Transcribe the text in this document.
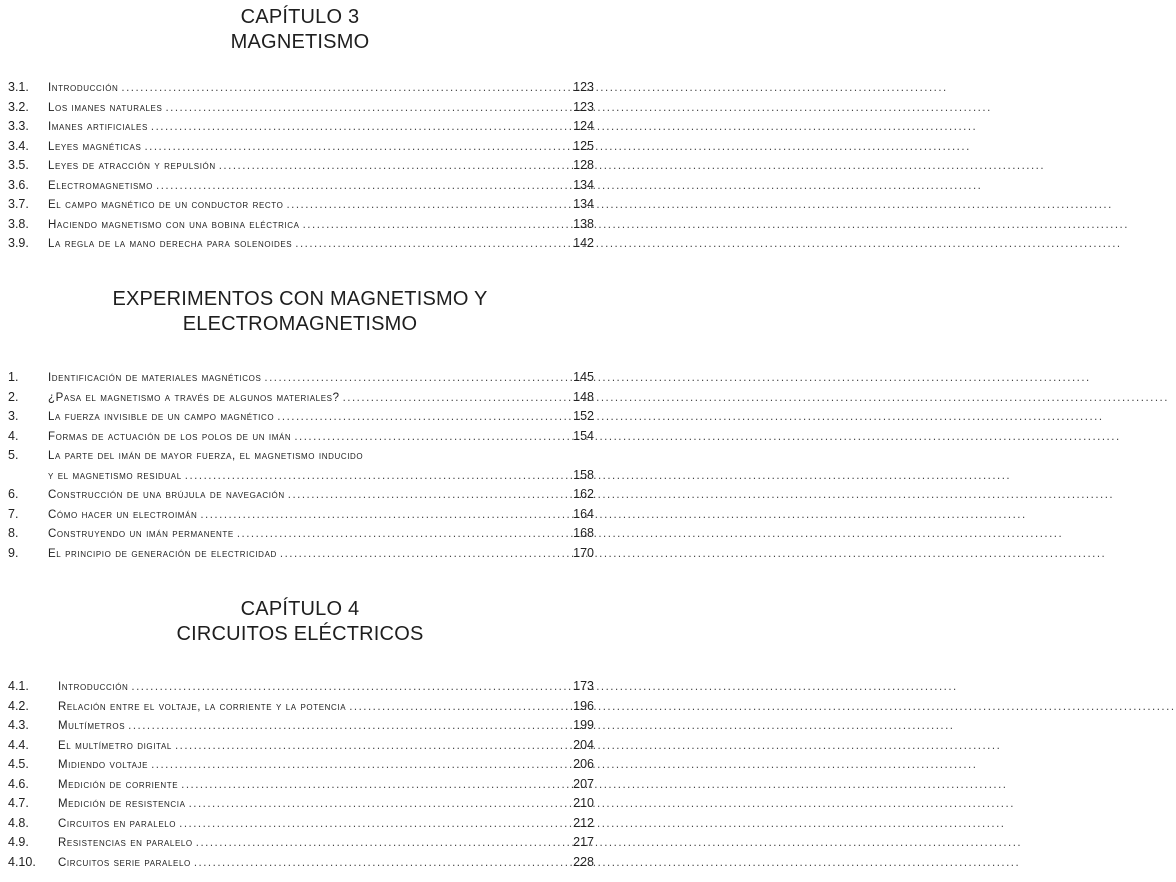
CAPÍTULO 3
MAGNETISMO
3.1.	Introducción .....	123
3.2.	Los imanes naturales .....	123
3.3.	Imanes artificiales .....	124
3.4.	Leyes magnéticas .....	125
3.5.	Leyes de atracción y repulsión .....	128
3.6.	Electromagnetismo .....	134
3.7.	El campo magnético de un conductor recto .....	134
3.8.	Haciendo magnetismo con una bobina eléctrica .....	138
3.9.	La regla de la mano derecha para solenoides .....	142
EXPERIMENTOS CON MAGNETISMO Y
ELECTROMAGNETISMO
1.	Identificación de materiales magnéticos .....	145
2.	¿Pasa el magnetismo a través de algunos materiales? .....	148
3.	La fuerza invisible de un campo magnético .....	152
4.	Formas de actuación de los polos de un imán .....	154
5.	La parte del imán de mayor fuerza, el magnetismo inducido
y el magnetismo residual .....	158
6.	Construcción de una brújula de navegación .....	162
7.	Cómo hacer un electroimán .....	164
8.	Construyendo un imán permanente .....	168
9.	El principio de generación de electricidad .....	170
CAPÍTULO 4
CIRCUITOS ELÉCTRICOS
4.1.	Introducción .....	173
4.2.	Relación entre el voltaje, la corriente y la potencia .....	196
4.3.	Multímetros .....	199
4.4.	El multímetro digital .....	204
4.5.	Midiendo voltaje .....	206
4.6.	Medición de corriente .....	207
4.7.	Medición de resistencia .....	210
4.8.	Circuitos en paralelo .....	212
4.9.	Resistencias en paralelo .....	217
4.10.	Circuitos serie paralelo .....	228
